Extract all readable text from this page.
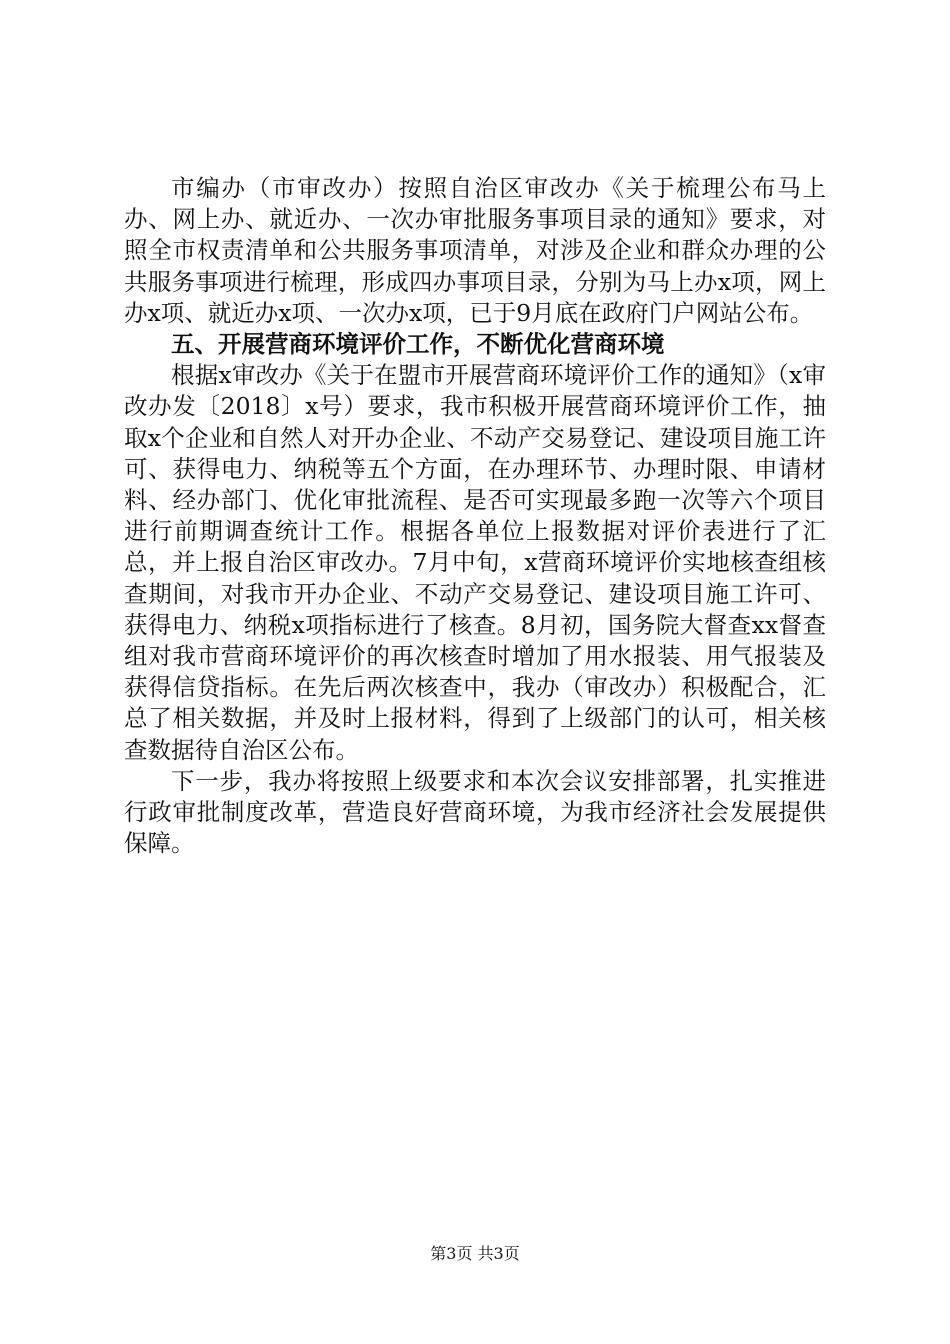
市编办（市审改办）按照自治区审改办《关于梳理公布马上办、网上办、就近办、一次办审批服务事项目录的通知》要求，对照全市权责清单和公共服务事项清单，对涉及企业和群众办理的公共服务事项进行梳理，形成四办事项目录，分别为马上办x项，网上办x项、就近办x项、一次办x项，已于9月底在政府门户网站公布。

五、开展营商环境评价工作，不断优化营商环境

根据x审改办《关于在盟市开展营商环境评价工作的通知》（x审改办发〔2018〕x号）要求，我市积极开展营商环境评价工作，抽取x个企业和自然人对开办企业、不动产交易登记、建设项目施工许可、获得电力、纳税等五个方面，在办理环节、办理时限、申请材料、经办部门、优化审批流程、是否可实现最多跑一次等六个项目进行前期调查统计工作。根据各单位上报数据对评价表进行了汇总，并上报自治区审改办。7月中旬，x营商环境评价实地核查组核查期间，对我市开办企业、不动产交易登记、建设项目施工许可、获得电力、纳税x项指标进行了核查。8月初，国务院大督查xx督查组对我市营商环境评价的再次核查时增加了用水报装、用气报装及获得信贷指标。在先后两次核查中，我办（审改办）积极配合，汇总了相关数据，并及时上报材料，得到了上级部门的认可，相关核查数据待自治区公布。

下一步，我办将按照上级要求和本次会议安排部署，扎实推进行政审批制度改革，营造良好营商环境，为我市经济社会发展提供保障。

第3页 共3页
